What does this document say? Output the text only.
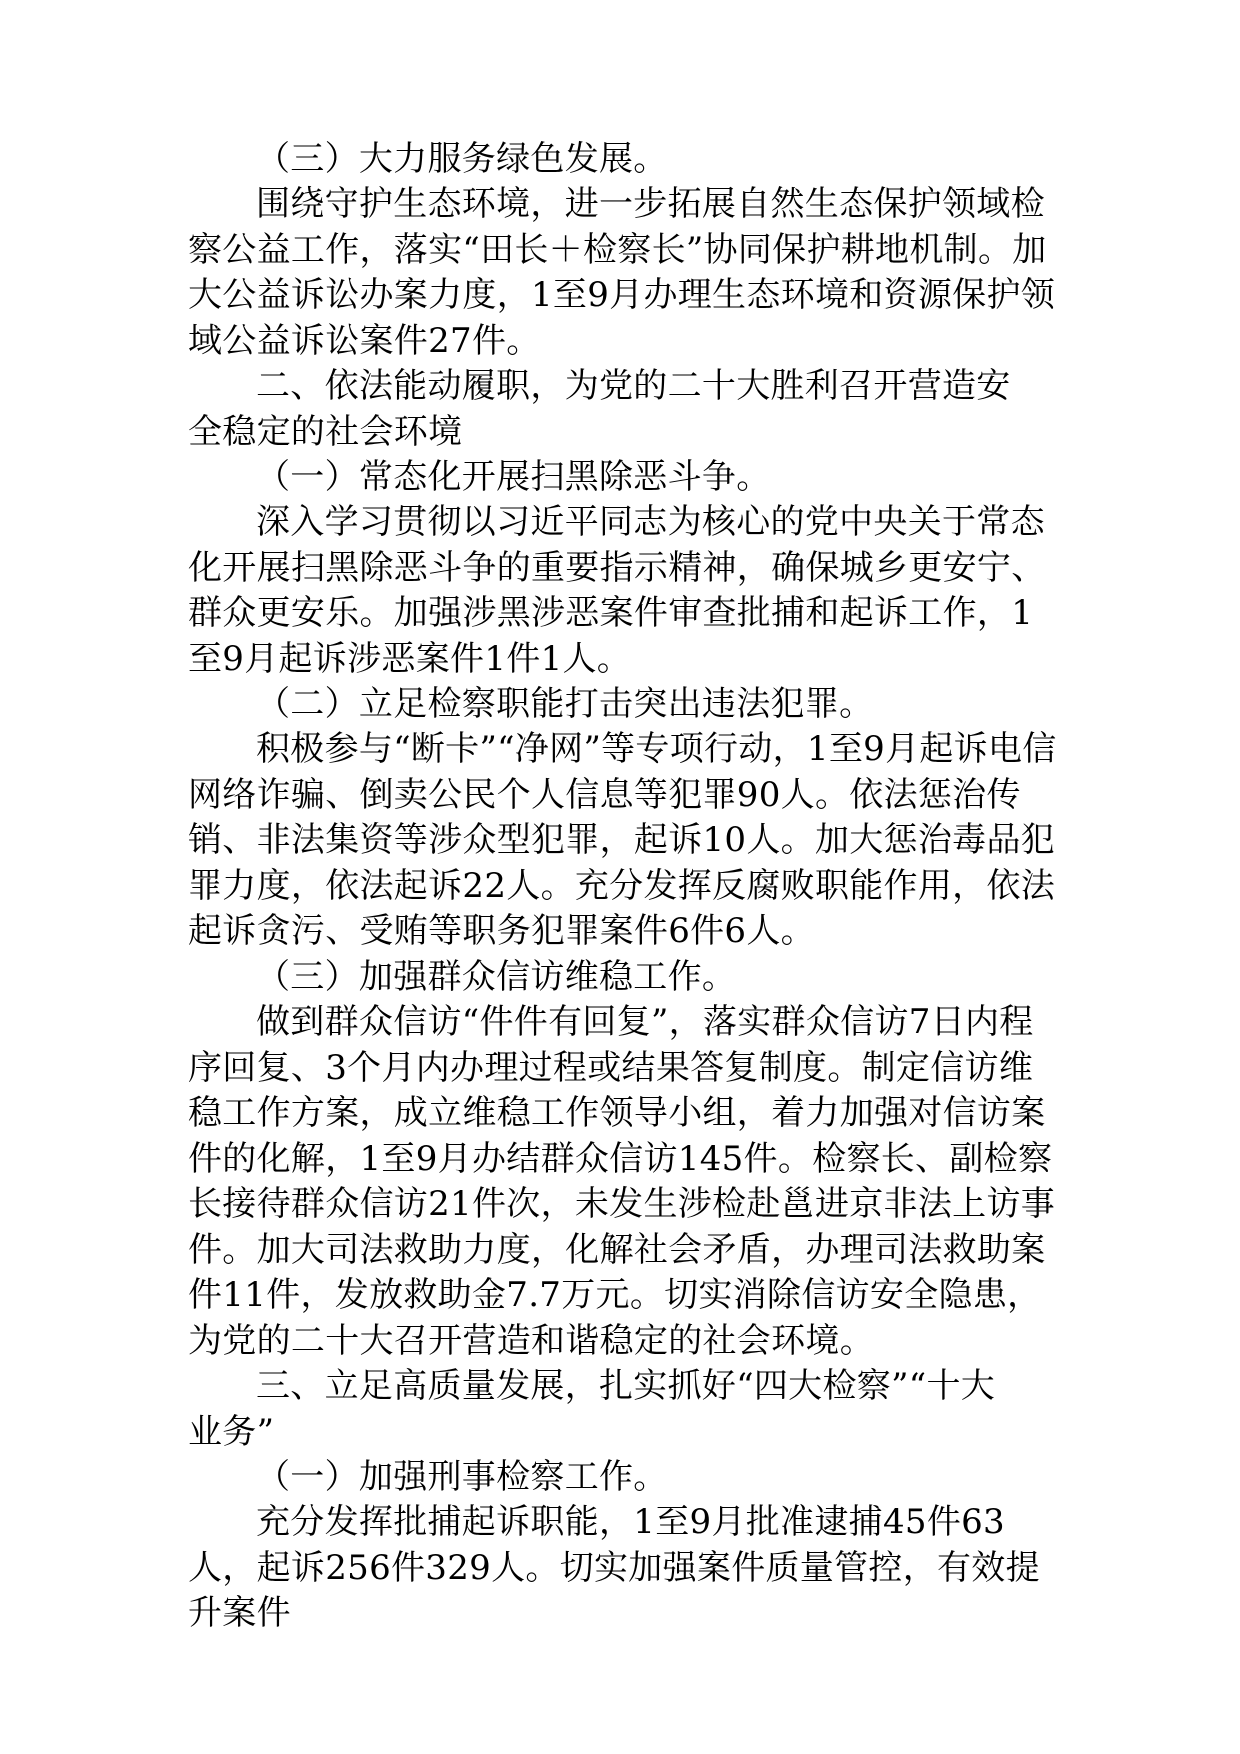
（三）大力服务绿色发展。

围绕守护生态环境，进一步拓展自然生态保护领域检察公益工作，落实“田长＋检察长”协同保护耕地机制。加大公益诉讼办案力度，1至9月办理生态环境和资源保护领域公益诉讼案件27件。

二、依法能动履职，为党的二十大胜利召开营造安全稳定的社会环境

（一）常态化开展扫黑除恶斗争。

深入学习贯彻以习近平同志为核心的党中央关于常态化开展扫黑除恶斗争的重要指示精神，确保城乡更安宁、群众更安乐。加强涉黑涉恶案件审查批捕和起诉工作，1至9月起诉涉恶案件1件1人。

（二）立足检察职能打击突出违法犯罪。

积极参与“断卡”“净网”等专项行动，1至9月起诉电信网络诈骗、倒卖公民个人信息等犯罪90人。依法惩治传销、非法集资等涉众型犯罪，起诉10人。加大惩治毒品犯罪力度，依法起诉22人。充分发挥反腐败职能作用，依法起诉贪污、受贿等职务犯罪案件6件6人。

（三）加强群众信访维稳工作。

做到群众信访“件件有回复”，落实群众信访7日内程序回复、3个月内办理过程或结果答复制度。制定信访维稳工作方案，成立维稳工作领导小组，着力加强对信访案件的化解，1至9月办结群众信访145件。检察长、副检察长接待群众信访21件次，未发生涉检赴邕进京非法上访事件。加大司法救助力度，化解社会矛盾，办理司法救助案件11件，发放救助金7.7万元。切实消除信访安全隐患，为党的二十大召开营造和谐稳定的社会环境。

三、立足高质量发展，扎实抓好“四大检察”“十大业务”

（一）加强刑事检察工作。

充分发挥批捕起诉职能，1至9月批准逮捕45件63人，起诉256件329人。切实加强案件质量管控，有效提升案件
